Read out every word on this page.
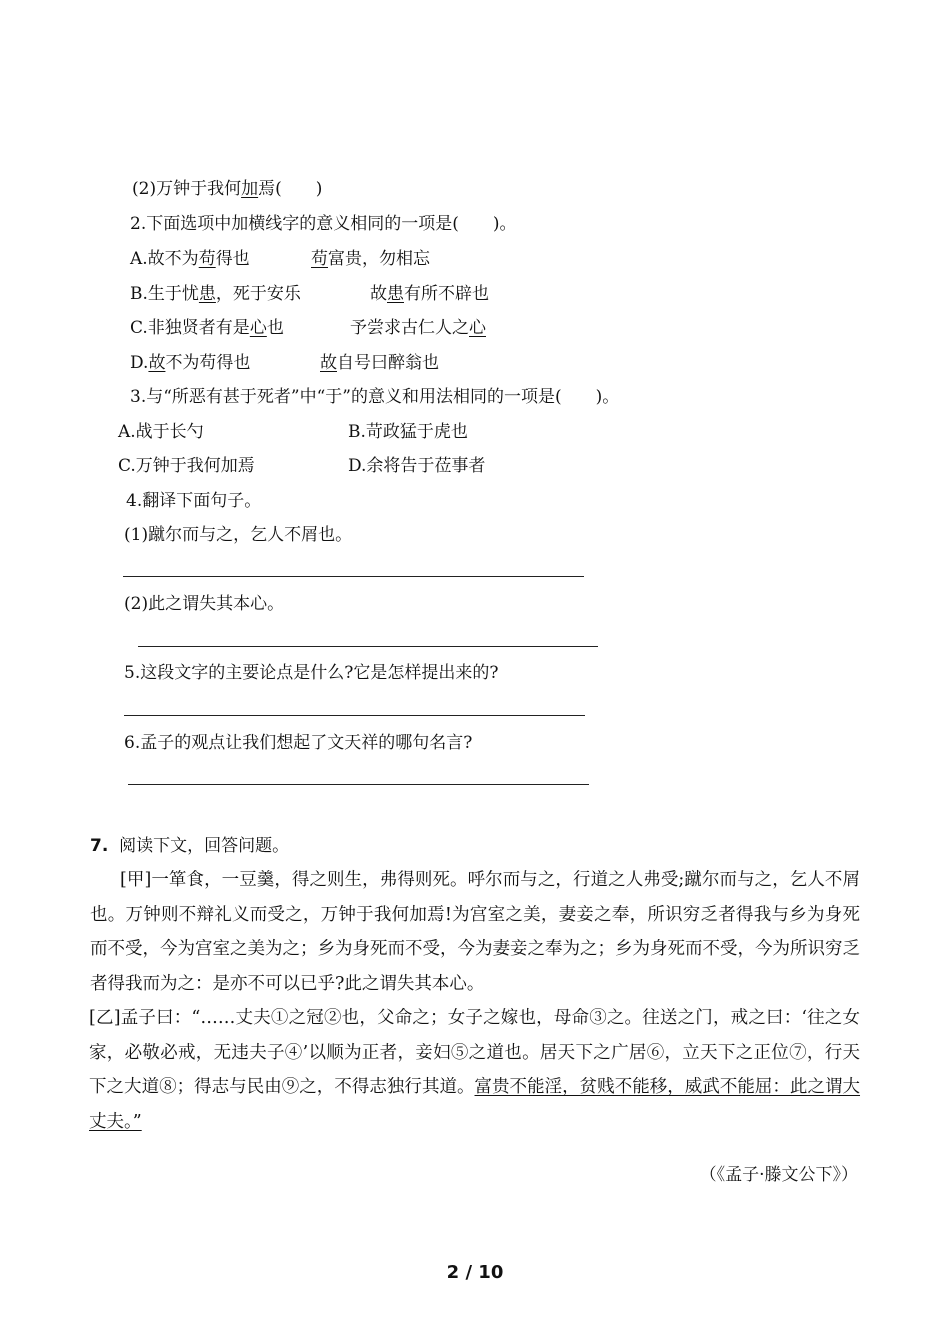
(2)万钟于我何加焉(　　)
2.下面选项中加横线字的意义相同的一项是(　　)。
A.故不为苟得也	苟富贵，勿相忘
B.生于忧患，死于安乐	故患有所不辟也
C.非独贤者有是心也	予尝求古仁人之心
D.故不为苟得也	故自号曰醉翁也
3.与“所恶有甚于死者”中“于”的意义和用法相同的一项是(　　)。
A.战于长勺	B.苛政猛于虎也
C.万钟于我何加焉	D.余将告于莅事者
4.翻译下面句子。
(1)蹴尔而与之，乞人不屑也。
(2)此之谓失其本心。
5.这段文字的主要论点是什么?它是怎样提出来的?
6.孟子的观点让我们想起了文天祥的哪句名言?
7. 阅读下文，回答问题。

[甲]一箪食，一豆羹，得之则生，弗得则死。呼尔而与之，行道之人弗受;蹴尔而与之，乞人不屑也。万钟则不辩礼义而受之，万钟于我何加焉!为宫室之美，妻妾之奉，所识穷乏者得我与乡为身死而不受，今为宫室之美为之；乡为身死而不受，今为妻妾之奉为之；乡为身死而不受，今为所识穷乏者得我而为之：是亦不可以已乎?此之谓失其本心。

[乙]孟子曰：“……丈夫①之冠②也，父命之；女子之嫁也，母命③之。往送之门，戒之曰：‘往之女家，必敬必戒，无违夫子④’以顺为正者，妾妇⑤之道也。居天下之广居⑥，立天下之正位⑦，行天下之大道⑧；得志与民由⑨之，不得志独行其道。富贵不能淫，贫贱不能移，威武不能屈：此之谓大丈夫。”

（《孟子·滕文公下》）
2 / 10
